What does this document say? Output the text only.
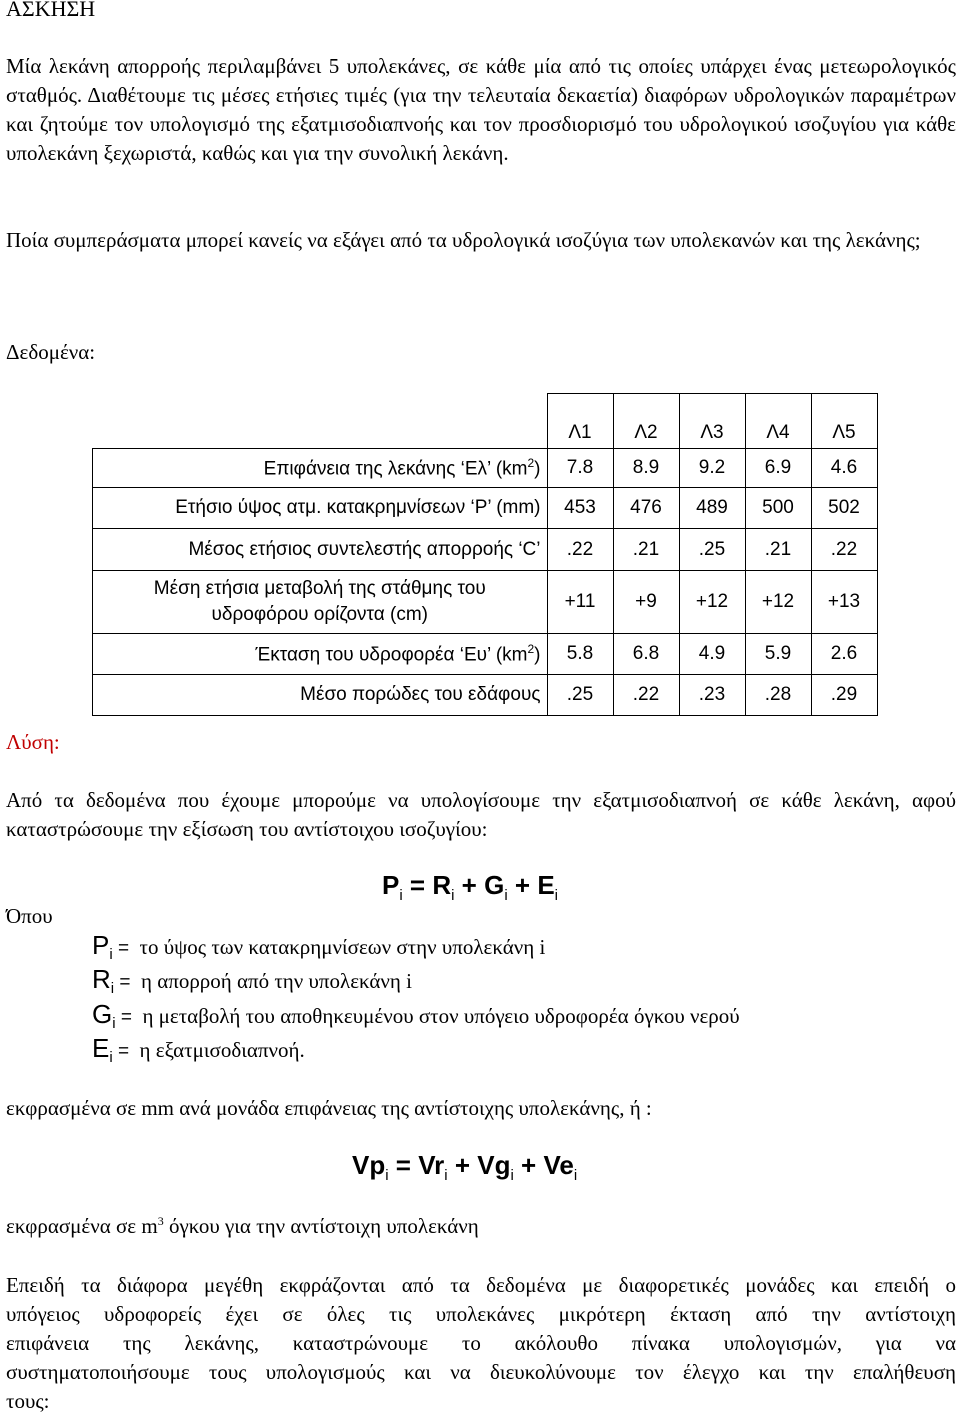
ΑΣΚΗΣΗ
Μία λεκάνη απορροής περιλαμβάνει 5 υπολεκάνες, σε κάθε μία από τις οποίες υπάρχει ένας μετεωρολογικός σταθμός. Διαθέτουμε τις μέσες ετήσιες τιμές (για την τελευταία δεκαετία) διαφόρων υδρολογικών παραμέτρων και ζητούμε τον υπολογισμό της εξατμισοδιαπνοής και τον προσδιορισμό του υδρολογικού ισοζυγίου για κάθε υπολεκάνη ξεχωριστά, καθώς και για την συνολική λεκάνη.
Ποία συμπεράσματα μπορεί κανείς να εξάγει από τα υδρολογικά ισοζύγια των υπολεκανών και της λεκάνης;
Δεδομένα:
	Λ1	Λ2	Λ3	Λ4	Λ5
Επιφάνεια της λεκάνης ‘Ελ’ $(km^2)$	7.8	8.9	9.2	6.9	4.6
Ετήσιο ύψος ατμ. κατακρημνίσεων ‘P’ (mm)	453	476	489	500	502
Μέσος ετήσιος συντελεστής απορροής ‘C’	.22	.21	.25	.21	.22
Μέση ετήσια μεταβολή της στάθμης του
υδροφόρου ορίζοντα (cm)	+11	+9	+12	+12	+13
Έκταση του υδροφορέα ‘Eυ’ $(km^2)$	5.8	6.8	4.9	5.9	2.6
Μέσο πορώδες του εδάφους	.25	.22	.23	.28	.29
Λύση:
Από τα δεδομένα που έχουμε μπορούμε να υπολογίσουμε την εξατμισοδιαπνοή σε κάθε λεκάνη, αφού καταστρώσουμε την εξίσωση του αντίστοιχου ισοζυγίου:
$P_i = R_i + G_i + E_i$
Όπου
$P_i = \tau o$ ύψος των κατακρημνίσεων στην υπολεκάνη i
$R_i = \eta$ απορροή από την υπολεκάνη i
$G_i = \eta$ μεταβολή του αποθηκευμένου στον υπόγειο υδροφορέα όγκου νερού
$E_i = \eta$ εξατμισοδιαπνοή.
εκφρασμένα σε mm ανά μονάδα επιφάνειας της αντίστοιχης υπολεκάνης, ή :
$Vp_i = Vr_i + Vg_i + Ve_i$
εκφρασμένα σε $m^3$ όγκου για την αντίστοιχη υπολεκάνη
Επειδή τα διάφορα μεγέθη εκφράζονται από τα δεδομένα με διαφορετικές μονάδες και επειδή ο
υπόγειος υδροφορείς έχει σε όλες τις υπολεκάνες μικρότερη έκταση από την αντίστοιχη
επιφάνεια της λεκάνης, καταστρώνουμε το ακόλουθο πίνακα υπολογισμών, για να
συστηματοποιήσουμε τους υπολογισμούς και να διευκολύνουμε τον έλεγχο και την επαλήθευση
τους:
